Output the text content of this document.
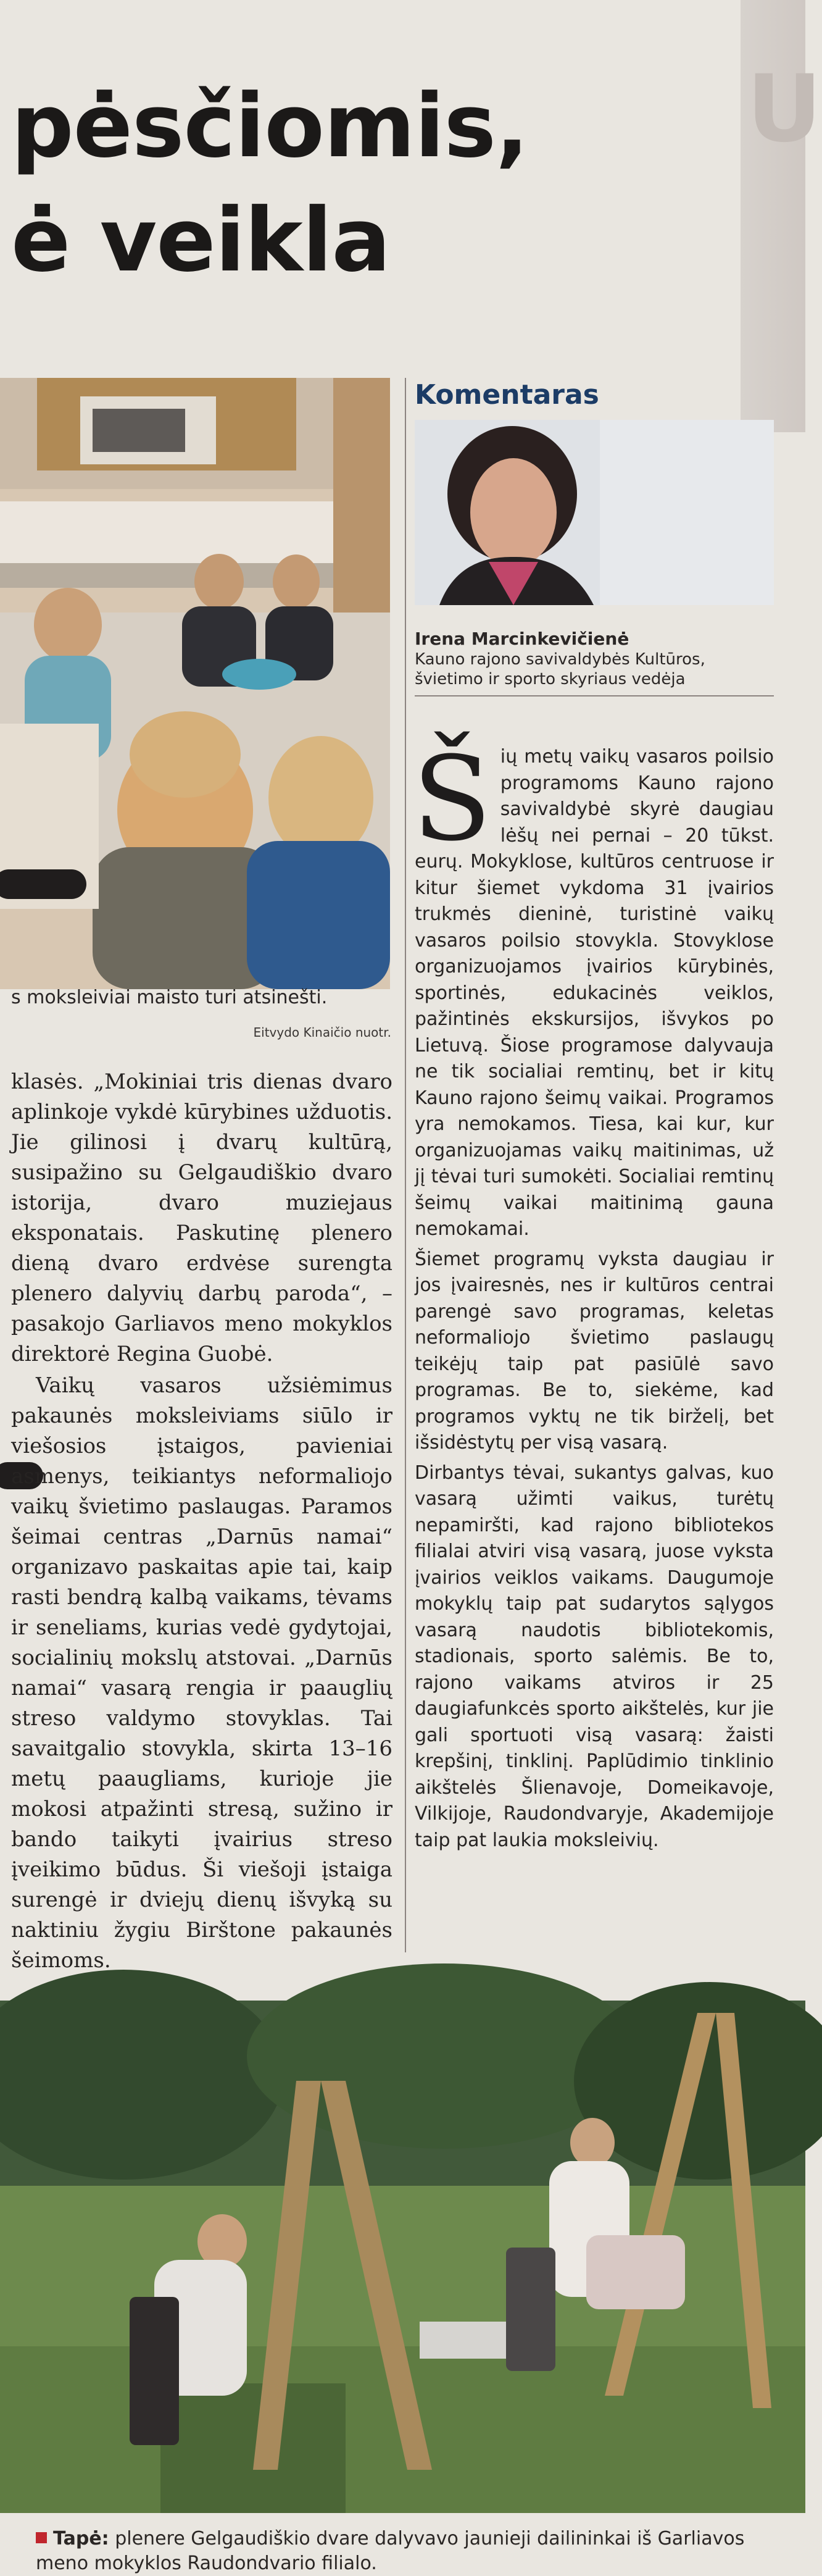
U
pėsčiomis,
ė veikla
s moksleiviai maisto turi atsinešti.
Eitvydo Kinaičio nuotr.

klasės. „Mokiniai tris dienas dvaro aplinkoje vykdė kūrybines užduotis. Jie gilinosi į dvarų kultūrą, susipažino su Gelgaudiškio dvaro istorija, dvaro muziejaus eksponatais. Paskutinę plenero dieną dvaro erdvėse surengta plenero dalyvių darbų paroda“, – pasakojo Garliavos meno mokyklos direktorė Regina Guobė.

Vaikų vasaros užsiėmimus pakaunės moksleiviams siūlo ir viešosios įstaigos, pavieniai asmenys, teikiantys neformaliojo vaikų švietimo paslaugas. Paramos šeimai centras „Darnūs namai“ organizavo paskaitas apie tai, kaip rasti bendrą kalbą vaikams, tėvams ir seneliams, kurias vedė gydytojai, socialinių mokslų atstovai. „Darnūs namai“ vasarą rengia ir paauglių streso valdymo stovyklas. Tai savaitgalio stovykla, skirta 13–16 metų paaugliams, kurioje jie mokosi atpažinti stresą, sužino ir bando taikyti įvairius streso įveikimo būdus. Ši viešoji įstaiga surengė ir dviejų dienų išvyką su naktiniu žygiu Birštone pakaunės šeimoms.

Komentaras
Irena Marcinkevičienė
Kauno rajono savivaldybės Kultūros, švietimo ir sporto skyriaus vedėja

Šių metų vaikų vasaros poilsio programoms Kauno rajono savivaldybė skyrė daugiau lėšų nei pernai – 20 tūkst. eurų. Mokyklose, kultūros centruose ir kitur šiemet vykdoma 31 įvairios trukmės dieninė, turistinė vaikų vasaros poilsio stovykla. Stovyklose organizuojamos įvairios kūrybinės, sportinės, edukacinės veiklos, pažintinės ekskursijos, išvykos po Lietuvą. Šiose programose dalyvauja ne tik socialiai remtinų, bet ir kitų Kauno rajono šeimų vaikai. Programos yra nemokamos. Tiesa, kai kur, kur organizuojamas vaikų maitinimas, už jį tėvai turi sumokėti. Socialiai remtinų šeimų vaikai maitinimą gauna nemokamai.

Šiemet programų vyksta daugiau ir jos įvairesnės, nes ir kultūros centrai parengė savo programas, keletas neformaliojo švietimo paslaugų teikėjų taip pat pasiūlė savo programas. Be to, siekėme, kad programos vyktų ne tik birželį, bet išsidėstytų per visą vasarą.

Dirbantys tėvai, sukantys galvas, kuo vasarą užimti vaikus, turėtų nepamiršti, kad rajono bibliotekos filialai atviri visą vasarą, juose vyksta įvairios veiklos vaikams. Daugumoje mokyklų taip pat sudarytos sąlygos vasarą naudotis bibliotekomis, stadionais, sporto salėmis. Be to, rajono vaikams atviros ir 25 daugiafunkcės sporto aikštelės, kur jie gali sportuoti visą vasarą: žaisti krepšinį, tinklinį. Paplūdimio tinklinio aikštelės Šlienavoje, Domeikavoje, Vilkijoje, Raudondvaryje, Akademijoje taip pat laukia moksleivių.

Tapė: plenere Gelgaudiškio dvare dalyvavo jaunieji dailininkai iš Garliavos meno mokyklos Raudondvario filialo.
